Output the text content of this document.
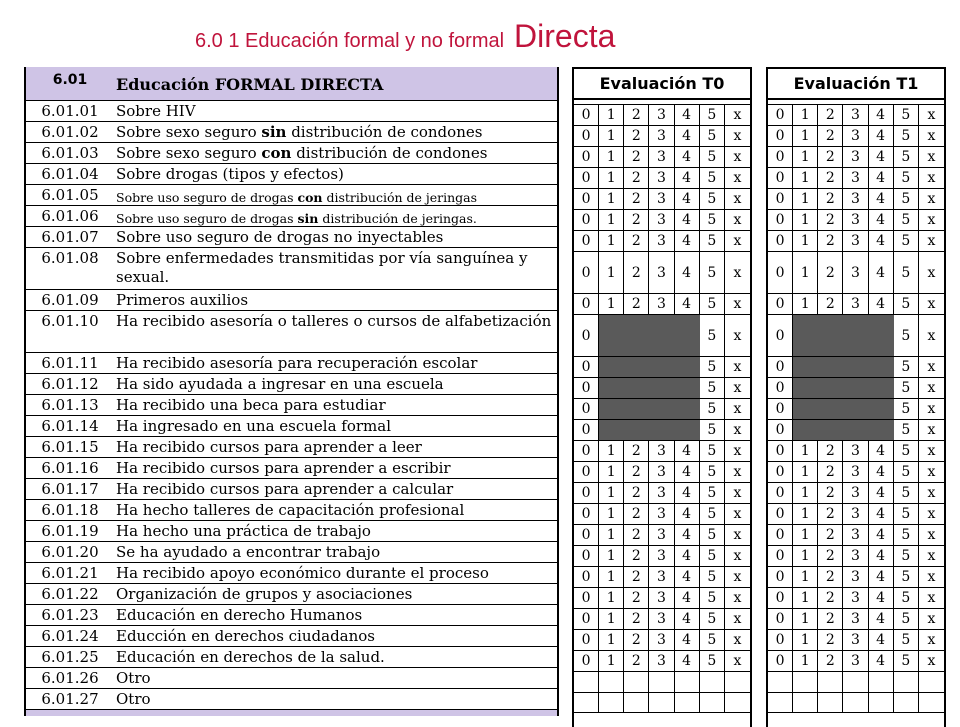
6.0 1 Educación formal y no formal Directa
6.01	Educación FORMAL DIRECTA
6.01.01	Sobre HIV
6.01.02	Sobre sexo seguro sin distribución de condones
6.01.03	Sobre sexo seguro con distribución de condones
6.01.04	Sobre drogas (tipos y efectos)
6.01.05	Sobre uso seguro de drogas con distribución de jeringas
6.01.06	Sobre uso seguro de drogas sin distribución de jeringas.
6.01.07	Sobre uso seguro de drogas no inyectables
6.01.08	Sobre enfermedades transmitidas por vía sanguínea y sexual.
6.01.09	Primeros auxilios
6.01.10	Ha recibido asesoría o talleres o cursos de alfabetización
6.01.11	Ha recibido asesoría para recuperación escolar
6.01.12	Ha sido ayudada a ingresar en una escuela
6.01.13	Ha recibido una beca para estudiar
6.01.14	Ha ingresado en una escuela formal
6.01.15	Ha recibido cursos para aprender a leer
6.01.16	Ha recibido cursos para aprender a escribir
6.01.17	Ha recibido cursos para aprender a calcular
6.01.18	Ha hecho talleres de capacitación profesional
6.01.19	Ha hecho una práctica de trabajo
6.01.20	Se ha ayudado a encontrar trabajo
6.01.21	Ha recibido apoyo económico durante el proceso
6.01.22	Organización de grupos y asociaciones
6.01.23	Educación en derecho Humanos
6.01.24	Educción en derechos ciudadanos
6.01.25	Educación en derechos de la salud.
6.01.26	Otro
6.01.27	Otro
Evaluación T0
0	1	2	3	4	5	x
0	1	2	3	4	5	x
0	1	2	3	4	5	x
0	1	2	3	4	5	x
0	1	2	3	4	5	x
0	1	2	3	4	5	x
0	1	2	3	4	5	x
0	1	2	3	4	5	x
0	1	2	3	4	5	x
0	5	x
0	5	x
0	5	x
0	5	x
0	5	x
0	1	2	3	4	5	x
0	1	2	3	4	5	x
0	1	2	3	4	5	x
0	1	2	3	4	5	x
0	1	2	3	4	5	x
0	1	2	3	4	5	x
0	1	2	3	4	5	x
0	1	2	3	4	5	x
0	1	2	3	4	5	x
0	1	2	3	4	5	x
0	1	2	3	4	5	x
Evaluación T1
0	1	2	3	4	5	x
0	1	2	3	4	5	x
0	1	2	3	4	5	x
0	1	2	3	4	5	x
0	1	2	3	4	5	x
0	1	2	3	4	5	x
0	1	2	3	4	5	x
0	1	2	3	4	5	x
0	1	2	3	4	5	x
0	5	x
0	5	x
0	5	x
0	5	x
0	5	x
0	1	2	3	4	5	x
0	1	2	3	4	5	x
0	1	2	3	4	5	x
0	1	2	3	4	5	x
0	1	2	3	4	5	x
0	1	2	3	4	5	x
0	1	2	3	4	5	x
0	1	2	3	4	5	x
0	1	2	3	4	5	x
0	1	2	3	4	5	x
0	1	2	3	4	5	x
